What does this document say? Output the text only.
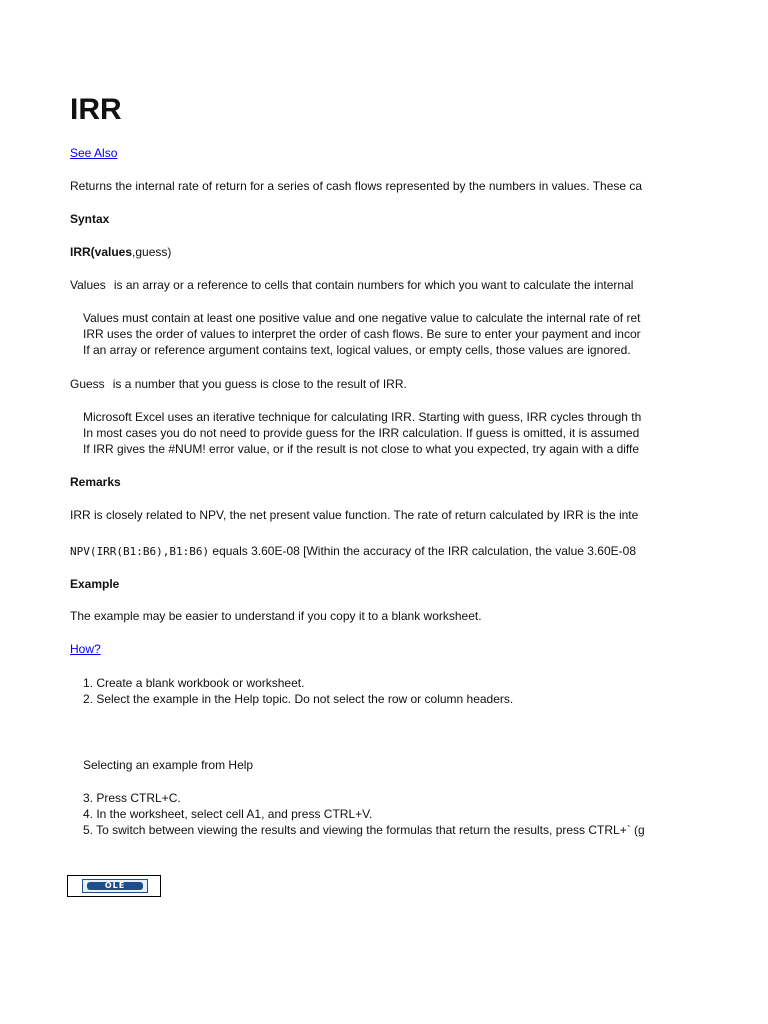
IRR
See Also
Returns the internal rate of return for a series of cash flows represented by the numbers in values. These ca
Syntax
IRR(values,guess)
Values is an array or a reference to cells that contain numbers for which you want to calculate the internal
Values must contain at least one positive value and one negative value to calculate the internal rate of ret
IRR uses the order of values to interpret the order of cash flows. Be sure to enter your payment and incor
If an array or reference argument contains text, logical values, or empty cells, those values are ignored.
Guess is a number that you guess is close to the result of IRR.
Microsoft Excel uses an iterative technique for calculating IRR. Starting with guess, IRR cycles through th
In most cases you do not need to provide guess for the IRR calculation. If guess is omitted, it is assumed
If IRR gives the #NUM! error value, or if the result is not close to what you expected, try again with a diffe
Remarks
IRR is closely related to NPV, the net present value function. The rate of return calculated by IRR is the inte
NPV(IRR(B1:B6),B1:B6) equals 3.60E-08 [Within the accuracy of the IRR calculation, the value 3.60E-08
Example
The example may be easier to understand if you copy it to a blank worksheet.
How?
1. Create a blank workbook or worksheet.
2. Select the example in the Help topic. Do not select the row or column headers.
Selecting an example from Help
3. Press CTRL+C.
4. In the worksheet, select cell A1, and press CTRL+V.
5. To switch between viewing the results and viewing the formulas that return the results, press CTRL+` (g
OLE
